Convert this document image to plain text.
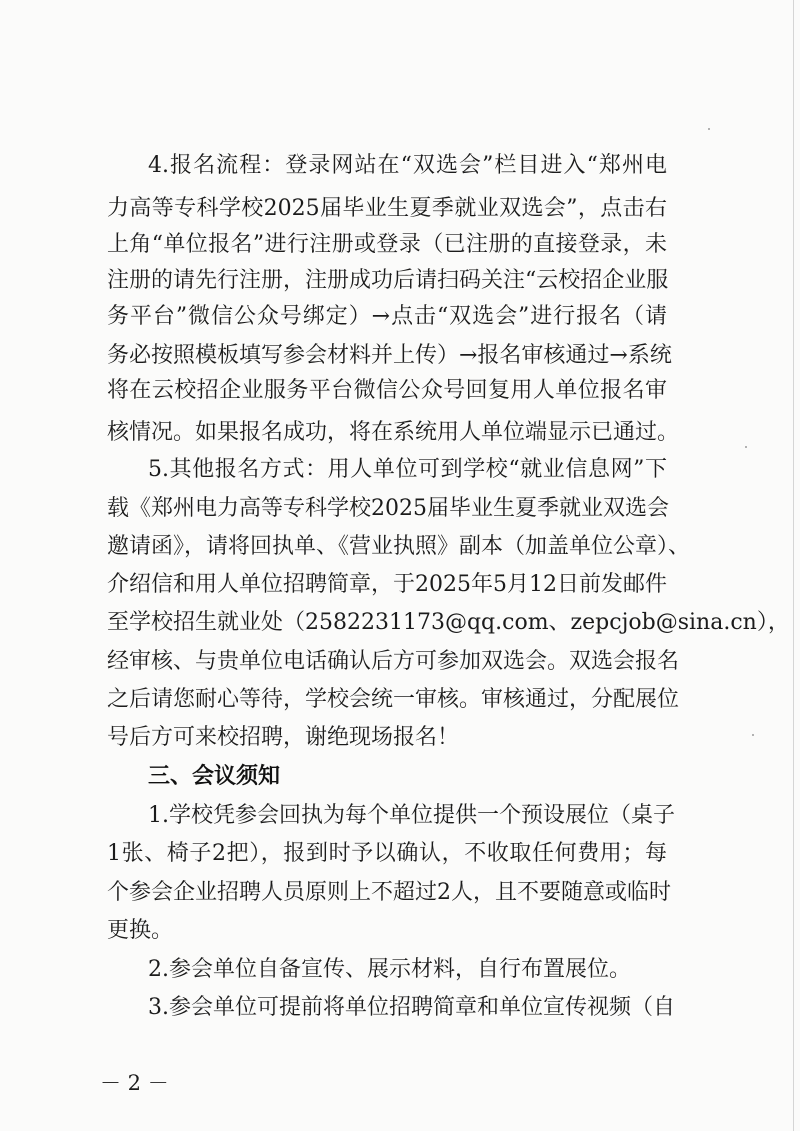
4.报名流程：登录网站在“双选会”栏目进入“郑州电
力高等专科学校2025届毕业生夏季就业双选会”，点击右
上角“单位报名”进行注册或登录（已注册的直接登录，未
注册的请先行注册，注册成功后请扫码关注“云校招企业服
务平台”微信公众号绑定）→点击“双选会”进行报名（请
务必按照模板填写参会材料并上传）→报名审核通过→系统
将在云校招企业服务平台微信公众号回复用人单位报名审
核情况。如果报名成功，将在系统用人单位端显示已通过。
5.其他报名方式：用人单位可到学校“就业信息网”下
载《郑州电力高等专科学校2025届毕业生夏季就业双选会
邀请函》，请将回执单、《营业执照》副本（加盖单位公章）、
介绍信和用人单位招聘简章，于2025年5月12日前发邮件
至学校招生就业处（2582231173@qq.com、zepcjob@sina.cn），
经审核、与贵单位电话确认后方可参加双选会。双选会报名
之后请您耐心等待，学校会统一审核。审核通过，分配展位
号后方可来校招聘，谢绝现场报名！
三、会议须知
1.学校凭参会回执为每个单位提供一个预设展位（桌子
1张、椅子2把），报到时予以确认，不收取任何费用；每
个参会企业招聘人员原则上不超过2人，且不要随意或临时
更换。
2.参会单位自备宣传、展示材料，自行布置展位。
3.参会单位可提前将单位招聘简章和单位宣传视频（自
－ 2 －
